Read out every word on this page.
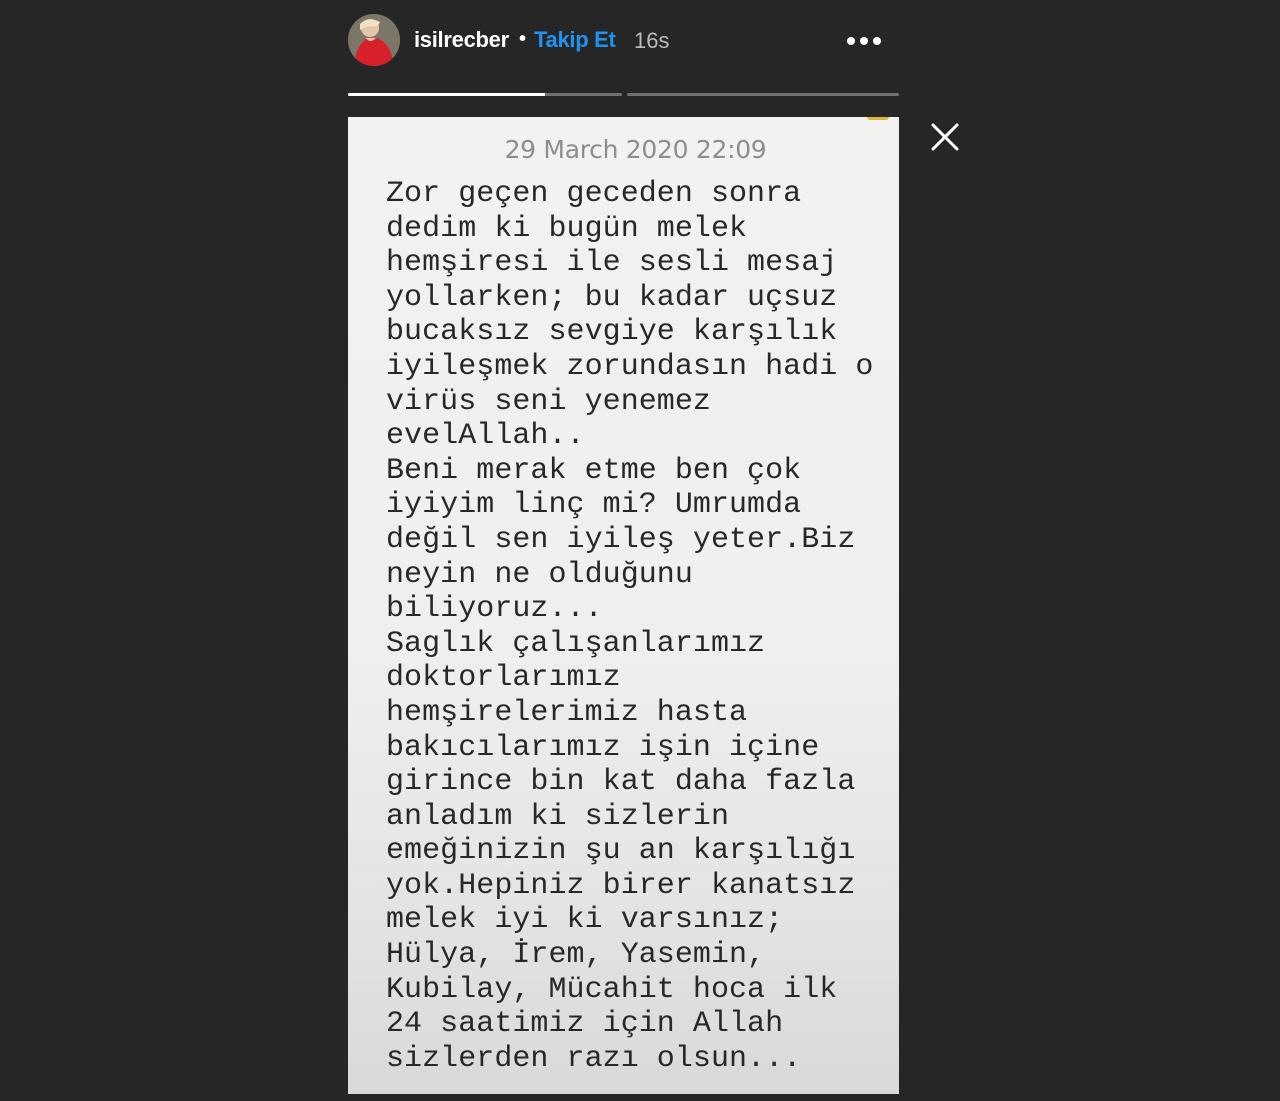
isilrecber • Takip Et 16s
29 March 2020 22:09
Zor geçen geceden sonra
dedim ki bugün melek
hemşiresi ile sesli mesaj
yollarken; bu kadar uçsuz
bucaksız sevgiye karşılık
iyileşmek zorundasın hadi o
virüs seni yenemez
evelAllah..
Beni merak etme ben çok
iyiyim linç mi? Umrumda
değil sen iyileş yeter.Biz
neyin ne olduğunu
biliyoruz...
Saglık çalışanlarımız
doktorlarımız
hemşirelerimiz hasta
bakıcılarımız işin içine
girince bin kat daha fazla
anladım ki sizlerin
emeğinizin şu an karşılığı
yok.Hepiniz birer kanatsız
melek iyi ki varsınız;
Hülya, İrem, Yasemin,
Kubilay, Mücahit hoca ilk
24 saatimiz için Allah
sizlerden razı olsun...
